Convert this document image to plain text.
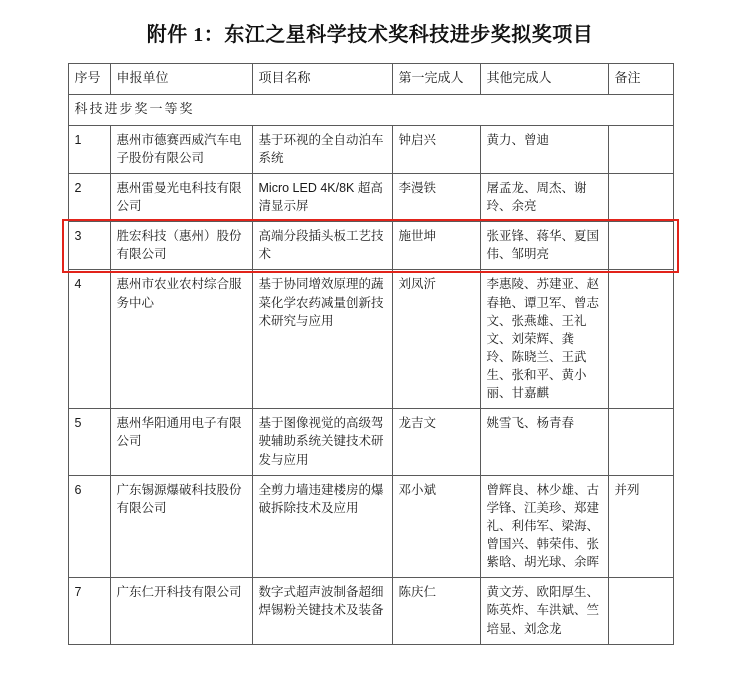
附件 1：东江之星科学技术奖科技进步奖拟奖项目
序号	申报单位	项目名称	第一完成人	其他完成人	备注
科技进步奖一等奖					
1	惠州市德赛西威汽车电子股份有限公司	基于环视的全自动泊车系统	钟启兴	黄力、曾迪	
2	惠州雷曼光电科技有限公司	Micro LED 4K/8K 超高清显示屏	李漫铁	屠孟龙、周杰、谢玲、余亮	
3	胜宏科技（惠州）股份有限公司	高端分段插头板工艺技术	施世坤	张亚锋、蒋华、夏国伟、邹明亮	
4	惠州市农业农村综合服务中心	基于协同增效原理的蔬菜化学农药减量创新技术研究与应用	刘凤沂	李惠陵、苏建亚、赵春艳、谭卫军、曾志文、张燕雄、王礼文、刘荣辉、龚　玲、陈晓兰、王武生、张和平、黄小丽、甘嘉麒	
5	惠州华阳通用电子有限公司	基于图像视觉的高级驾驶辅助系统关键技术研发与应用	龙吉文	姚雪飞、杨青春	
6	广东锡源爆破科技股份有限公司	全剪力墙违建楼房的爆破拆除技术及应用	邓小斌	曾辉良、林少雄、古学锋、江美珍、郑建礼、利伟军、梁海、曾国兴、韩荣伟、张紫晗、胡光球、余晖	并列
7	广东仁开科技有限公司	数字式超声波制备超细焊锡粉关键技术及装备	陈庆仁	黄文芳、欧阳厚生、陈英炸、车洪斌、竺培显、刘念龙	
